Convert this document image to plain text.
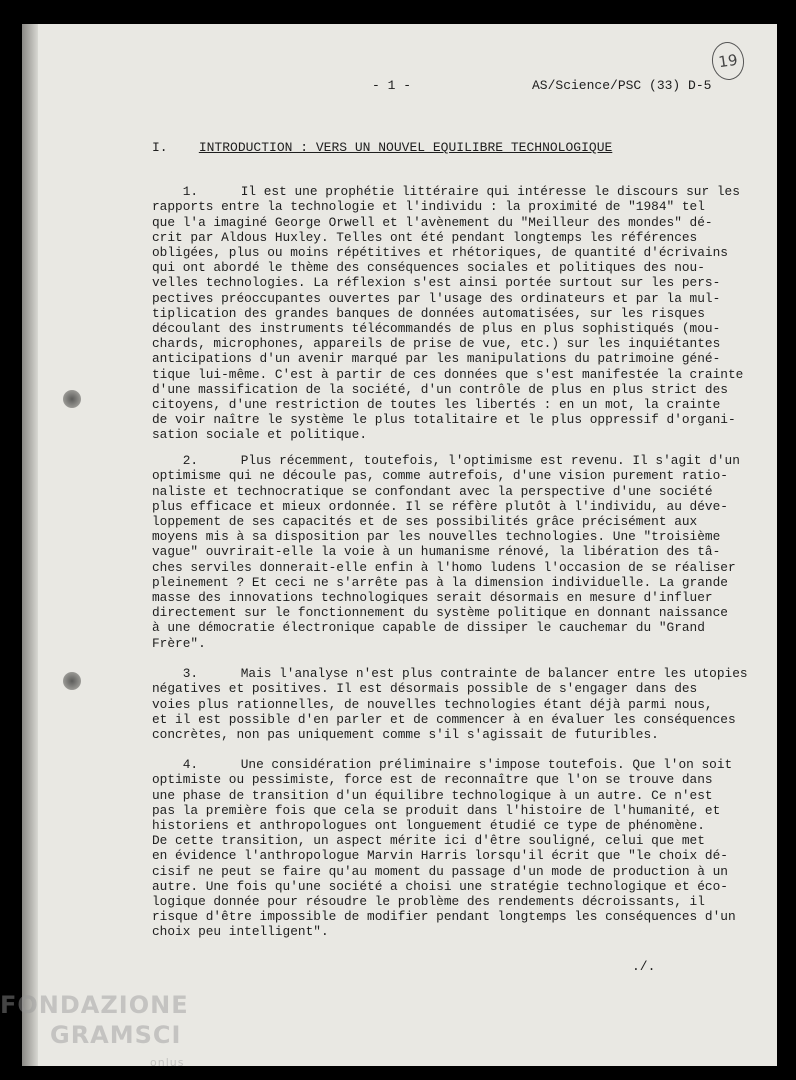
- 1 -	AS/Science/PSC (33) D-5
19
I. INTRODUCTION : VERS UN NOUVEL EQUILIBRE TECHNOLOGIQUE

1.	Il est une prophétie littéraire qui intéresse le discours sur les
rapports entre la technologie et l'individu : la proximité de "1984" tel
que l'a imaginé George Orwell et l'avènement du "Meilleur des mondes" dé-
crit par Aldous Huxley. Telles ont été pendant longtemps les références
obligées, plus ou moins répétitives et rhétoriques, de quantité d'écrivains
qui ont abordé le thème des conséquences sociales et politiques des nou-
velles technologies. La réflexion s'est ainsi portée surtout sur les pers-
pectives préoccupantes ouvertes par l'usage des ordinateurs et par la mul-
tiplication des grandes banques de données automatisées, sur les risques
découlant des instruments télécommandés de plus en plus sophistiqués (mou-
chards, microphones, appareils de prise de vue, etc.) sur les inquiétantes
anticipations d'un avenir marqué par les manipulations du patrimoine géné-
tique lui-même. C'est à partir de ces données que s'est manifestée la crainte
d'une massification de la société, d'un contrôle de plus en plus strict des
citoyens, d'une restriction de toutes les libertés : en un mot, la crainte
de voir naître le système le plus totalitaire et le plus oppressif d'organi-
sation sociale et politique.

2.	Plus récemment, toutefois, l'optimisme est revenu. Il s'agit d'un
optimisme qui ne découle pas, comme autrefois, d'une vision purement ratio-
naliste et technocratique se confondant avec la perspective d'une société
plus efficace et mieux ordonnée. Il se réfère plutôt à l'individu, au déve-
loppement de ses capacités et de ses possibilités grâce précisément aux
moyens mis à sa disposition par les nouvelles technologies. Une "troisième
vague" ouvrirait-elle la voie à un humanisme rénové, la libération des tâ-
ches serviles donnerait-elle enfin à l'homo ludens l'occasion de se réaliser
pleinement ? Et ceci ne s'arrête pas à la dimension individuelle. La grande
masse des innovations technologiques serait désormais en mesure d'influer
directement sur le fonctionnement du système politique en donnant naissance
à une démocratie électronique capable de dissiper le cauchemar du "Grand
Frère".

3.	Mais l'analyse n'est plus contrainte de balancer entre les utopies
négatives et positives. Il est désormais possible de s'engager dans des
voies plus rationnelles, de nouvelles technologies étant déjà parmi nous,
et il est possible d'en parler et de commencer à en évaluer les conséquences
concrètes, non pas uniquement comme s'il s'agissait de futuribles.

4.	Une considération préliminaire s'impose toutefois. Que l'on soit
optimiste ou pessimiste, force est de reconnaître que l'on se trouve dans
une phase de transition d'un équilibre technologique à un autre. Ce n'est
pas la première fois que cela se produit dans l'histoire de l'humanité, et
historiens et anthropologues ont longuement étudié ce type de phénomène.
De cette transition, un aspect mérite ici d'être souligné, celui que met
en évidence l'anthropologue Marvin Harris lorsqu'il écrit que "le choix dé-
cisif ne peut se faire qu'au moment du passage d'un mode de production à un
autre. Une fois qu'une société a choisi une stratégie technologique et éco-
logique donnée pour résoudre le problème des rendements décroissants, il
risque d'être impossible de modifier pendant longtemps les conséquences d'un
choix peu intelligent".
./.
FONDAZIONE
GRAMSCI
onlus
